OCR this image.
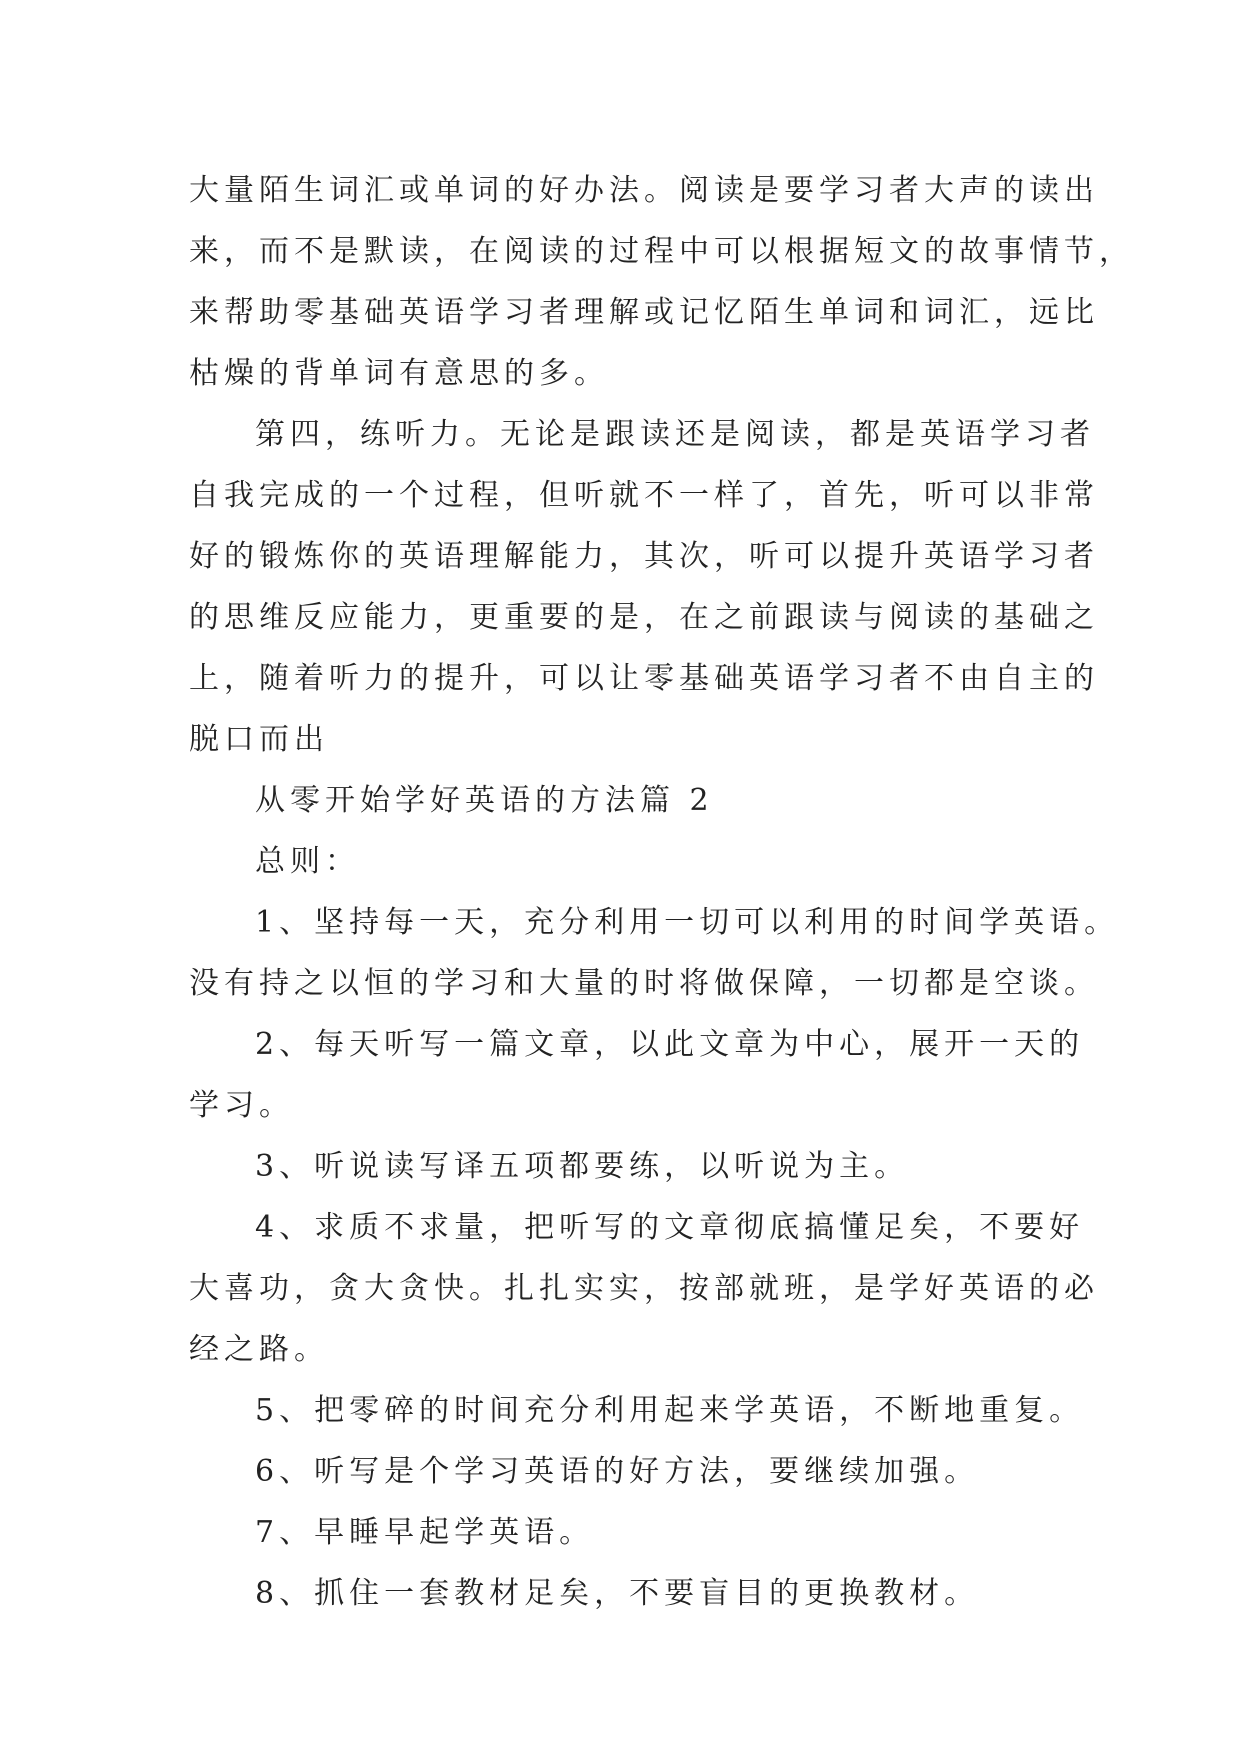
大量陌生词汇或单词的好办法。阅读是要学习者大声的读出
来，而不是默读，在阅读的过程中可以根据短文的故事情节，
来帮助零基础英语学习者理解或记忆陌生单词和词汇，远比
枯燥的背单词有意思的多。
第四，练听力。无论是跟读还是阅读，都是英语学习者
自我完成的一个过程，但听就不一样了，首先，听可以非常
好的锻炼你的英语理解能力，其次，听可以提升英语学习者
的思维反应能力，更重要的是，在之前跟读与阅读的基础之
上，随着听力的提升，可以让零基础英语学习者不由自主的
脱口而出
从零开始学好英语的方法篇 2
总则：
1、坚持每一天，充分利用一切可以利用的时间学英语。
没有持之以恒的学习和大量的时将做保障，一切都是空谈。
2、每天听写一篇文章，以此文章为中心，展开一天的
学习。
3、听说读写译五项都要练，以听说为主。
4、求质不求量，把听写的文章彻底搞懂足矣，不要好
大喜功，贪大贪快。扎扎实实，按部就班，是学好英语的必
经之路。
5、把零碎的时间充分利用起来学英语，不断地重复。
6、听写是个学习英语的好方法，要继续加强。
7、早睡早起学英语。
8、抓住一套教材足矣，不要盲目的更换教材。
